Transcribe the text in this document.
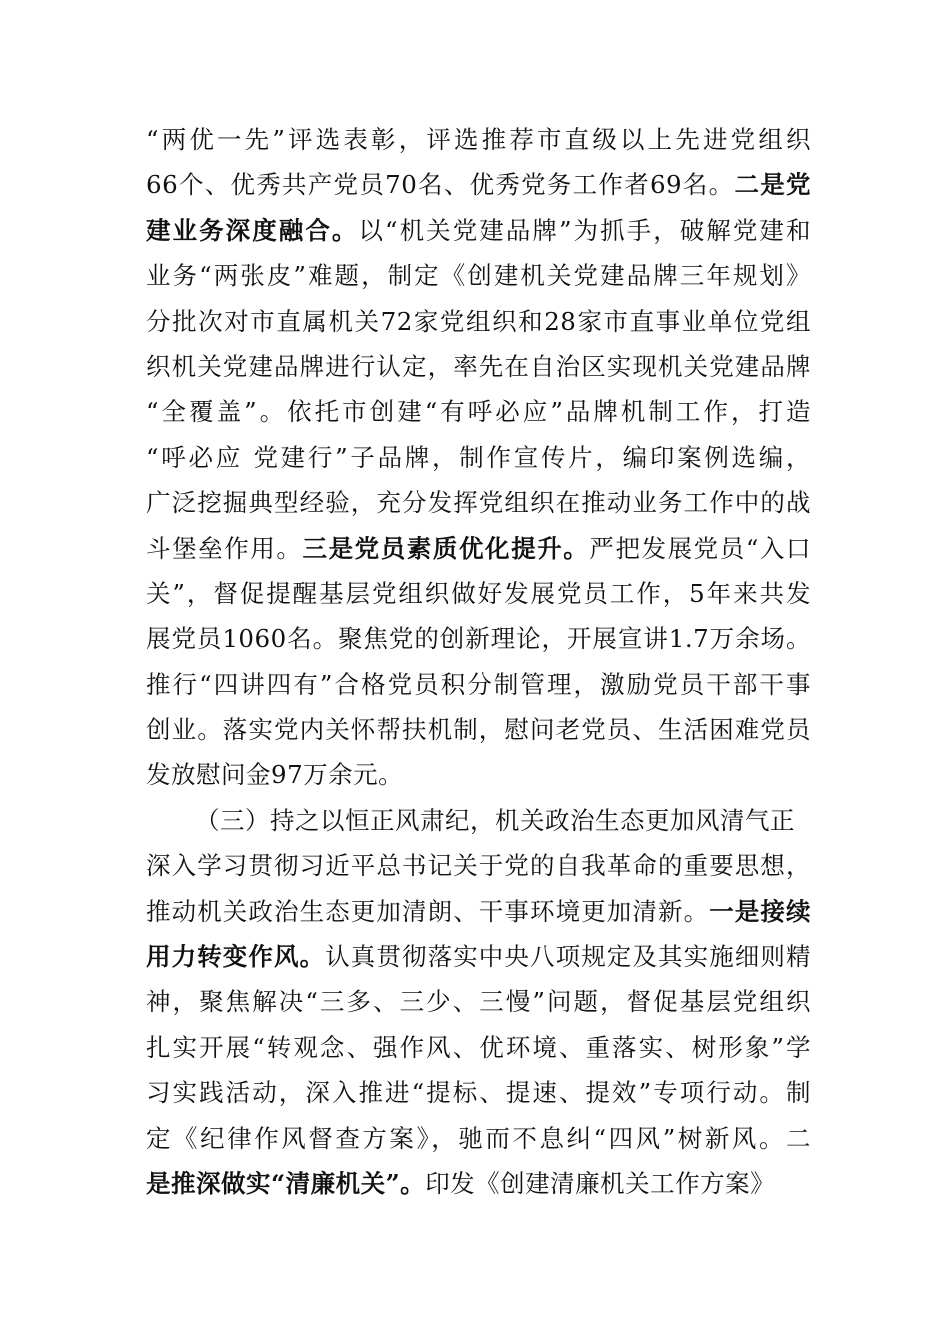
“两优一先”评选表彰，评选推荐市直级以上先进党组织
66个、优秀共产党员70名、优秀党务工作者69名。二是党
建业务深度融合。以“机关党建品牌”为抓手，破解党建和
业务“两张皮”难题，制定《创建机关党建品牌三年规划》
分批次对市直属机关72家党组织和28家市直事业单位党组
织机关党建品牌进行认定，率先在自治区实现机关党建品牌
“全覆盖”。依托市创建“有呼必应”品牌机制工作，打造
“呼必应 党建行”子品牌，制作宣传片，编印案例选编，
广泛挖掘典型经验，充分发挥党组织在推动业务工作中的战
斗堡垒作用。三是党员素质优化提升。严把发展党员“入口
关”，督促提醒基层党组织做好发展党员工作，5年来共发
展党员1060名。聚焦党的创新理论，开展宣讲1.7万余场。
推行“四讲四有”合格党员积分制管理，激励党员干部干事
创业。落实党内关怀帮扶机制，慰问老党员、生活困难党员
发放慰问金97万余元。
（三）持之以恒正风肃纪，机关政治生态更加风清气正
深入学习贯彻习近平总书记关于党的自我革命的重要思想，
推动机关政治生态更加清朗、干事环境更加清新。一是接续
用力转变作风。认真贯彻落实中央八项规定及其实施细则精
神，聚焦解决“三多、三少、三慢”问题，督促基层党组织
扎实开展“转观念、强作风、优环境、重落实、树形象”学
习实践活动，深入推进“提标、提速、提效”专项行动。制
定《纪律作风督查方案》，驰而不息纠“四风”树新风。二
是推深做实“清廉机关”。印发《创建清廉机关工作方案》
